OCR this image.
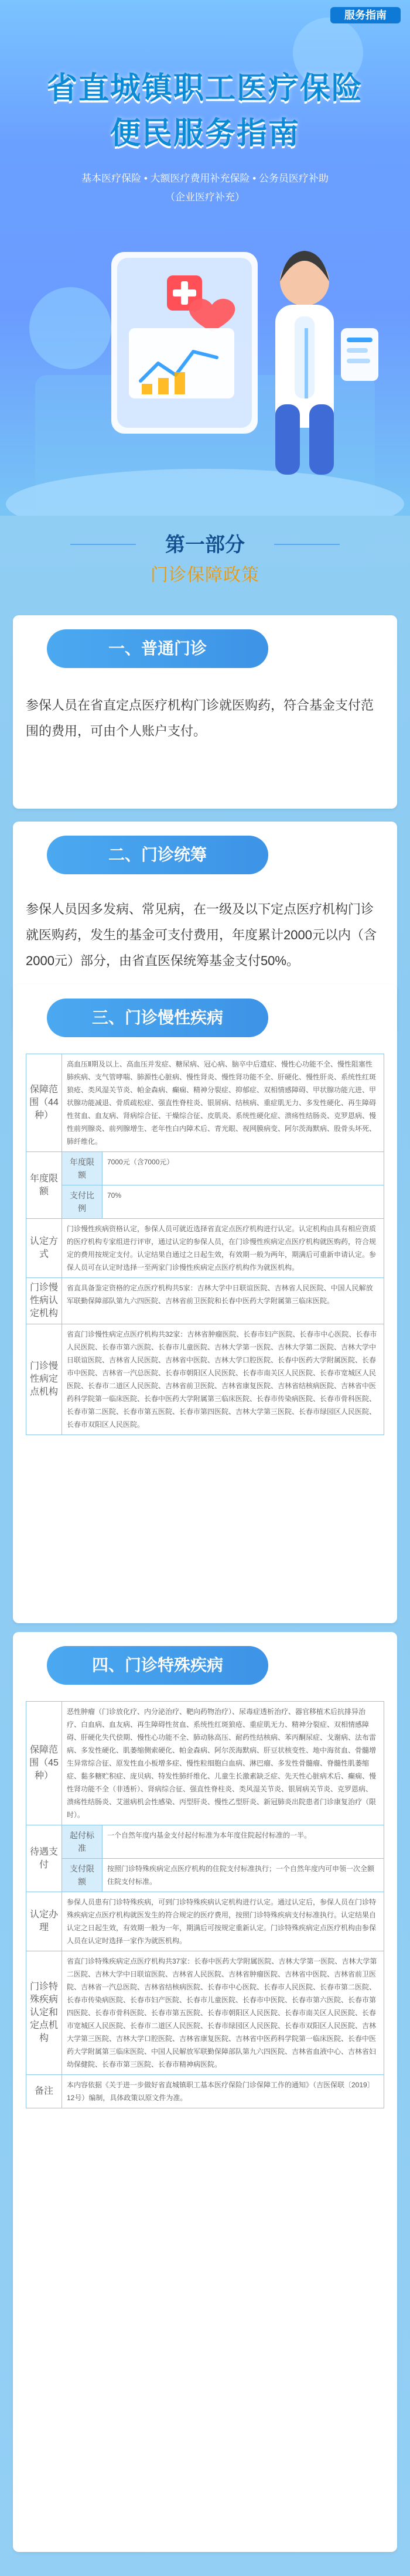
服务指南
省直城镇职工医疗保险
便民服务指南
基本医疗保险 • 大额医疗费用补充保险 • 公务员医疗补助
（企业医疗补充）
第一部分
门诊保障政策
一、普通门诊
参保人员在省直定点医疗机构门诊就医购药，符合基金支付范围的费用，可由个人账户支付。
二、门诊统筹
参保人员因多发病、常见病，在一级及以下定点医疗机构门诊就医购药，发生的基金可支付费用，年度累计2000元以内（含2000元）部分，由省直医保统筹基金支付50%。
三、门诊慢性疾病
保障范围（44种）	高血压Ⅱ期及以上、高血压并发症、糖尿病、冠心病、脑卒中后遗症、慢性心功能不全、慢性阻塞性肺疾病、支气管哮喘、肺源性心脏病、慢性肾炎、慢性肾功能不全、肝硬化、慢性肝炎、系统性红斑狼疮、类风湿关节炎、帕金森病、癫痫、精神分裂症、抑郁症、双相情感障碍、甲状腺功能亢进、甲状腺功能减退、骨质疏松症、强直性脊柱炎、银屑病、结核病、重症肌无力、多发性硬化、再生障碍性贫血、血友病、肾病综合征、干燥综合征、皮肌炎、系统性硬化症、溃疡性结肠炎、克罗恩病、慢性前列腺炎、前列腺增生、老年性白内障术后、青光眼、视网膜病变、阿尔茨海默病、股骨头坏死、肺纤维化。	
年度限额	年度限额	7000元（含7000元）
	支付比例	70%
认定方式	门诊慢性疾病资格认定，参保人员可就近选择省直定点医疗机构进行认定。认定机构由具有相应资质的医疗机构专家组进行评审，通过认定的参保人员，在门诊慢性疾病定点医疗机构就医购药，符合规定的费用按规定支付。认定结果自通过之日起生效，有效期一般为两年，期满后可重新申请认定。参保人员可在认定时选择一至两家门诊慢性疾病定点医疗机构作为就医机构。	
门诊慢性病认定机构	省直具备鉴定资格的定点医疗机构共5家：吉林大学中日联谊医院、吉林省人民医院、中国人民解放军联勤保障部队第九六四医院、吉林省前卫医院和长春中医药大学附属第三临床医院。	
门诊慢性病定点机构	省直门诊慢性病定点医疗机构共32家：吉林省肿瘤医院、长春市妇产医院、长春市中心医院、长春市人民医院、长春市第六医院、长春市儿童医院、吉林大学第一医院、吉林大学第二医院、吉林大学中日联谊医院、吉林省人民医院、吉林省中医院、吉林大学口腔医院、长春中医药大学附属医院、长春市中医院、吉林省一汽总医院、长春市朝阳区人民医院、长春市南关区人民医院、长春市宽城区人民医院、长春市二道区人民医院、吉林省前卫医院、吉林省康复医院、吉林省结核病医院、吉林省中医药科学院第一临床医院、长春中医药大学附属第三临床医院、长春市传染病医院、长春市骨科医院、长春市第二医院、长春市第五医院、长春市第四医院、吉林大学第三医院、长春市绿园区人民医院、长春市双阳区人民医院。	
四、门诊特殊疾病
保障范围（45种）	恶性肿瘤（门诊放化疗、内分泌治疗、靶向药物治疗）、尿毒症透析治疗、器官移植术后抗排异治疗、白血病、血友病、再生障碍性贫血、系统性红斑狼疮、重症肌无力、精神分裂症、双相情感障碍、肝硬化失代偿期、慢性心功能不全、肺动脉高压、耐药性结核病、苯丙酮尿症、戈谢病、法布雷病、多发性硬化、肌萎缩侧索硬化、帕金森病、阿尔茨海默病、肝豆状核变性、地中海贫血、骨髓增生异常综合征、原发性血小板增多症、慢性粒细胞白血病、淋巴瘤、多发性骨髓瘤、脊髓性肌萎缩症、黏多糖贮积症、庞贝病、特发性肺纤维化、儿童生长激素缺乏症、先天性心脏病术后、癫痫、慢性肾功能不全（非透析）、肾病综合征、强直性脊柱炎、类风湿关节炎、银屑病关节炎、克罗恩病、溃疡性结肠炎、艾滋病机会性感染、丙型肝炎、慢性乙型肝炎、新冠肺炎出院患者门诊康复治疗（限时）。	
待遇支付	起付标准	一个自然年度内基金支付起付标准为本年度住院起付标准的一半。
	支付限额	按照门诊特殊疾病定点医疗机构的住院支付标准执行；一个自然年度内可申领一次全额住院支付标准。
认定办理	参保人员患有门诊特殊疾病，可到门诊特殊疾病认定机构进行认定。通过认定后，参保人员在门诊特殊疾病定点医疗机构就医发生的符合规定的医疗费用，按照门诊特殊疾病支付标准执行。认定结果自认定之日起生效，有效期一般为一年，期满后可按规定重新认定。门诊特殊疾病定点医疗机构由参保人员在认定时选择一家作为就医机构。	
门诊特殊疾病认定和定点机构	省直门诊特殊疾病定点医疗机构共37家：长春中医药大学附属医院、吉林大学第一医院、吉林大学第二医院、吉林大学中日联谊医院、吉林省人民医院、吉林省肿瘤医院、吉林省中医院、吉林省前卫医院、吉林省一汽总医院、吉林省结核病医院、长春市中心医院、长春市人民医院、长春市第二医院、长春市传染病医院、长春市妇产医院、长春市儿童医院、长春市中医院、长春市第六医院、长春市第四医院、长春市骨科医院、长春市第五医院、长春市朝阳区人民医院、长春市南关区人民医院、长春市宽城区人民医院、长春市二道区人民医院、长春市绿园区人民医院、长春市双阳区人民医院、吉林大学第三医院、吉林大学口腔医院、吉林省康复医院、吉林省中医药科学院第一临床医院、长春中医药大学附属第三临床医院、中国人民解放军联勤保障部队第九六四医院、吉林省血液中心、吉林省妇幼保健院、长春市第三医院、长春市精神病医院。	
备注	本内容依据《关于进一步做好省直城镇职工基本医疗保险门诊保障工作的通知》（吉医保联〔2019〕12号）编制，具体政策以原文件为准。	
